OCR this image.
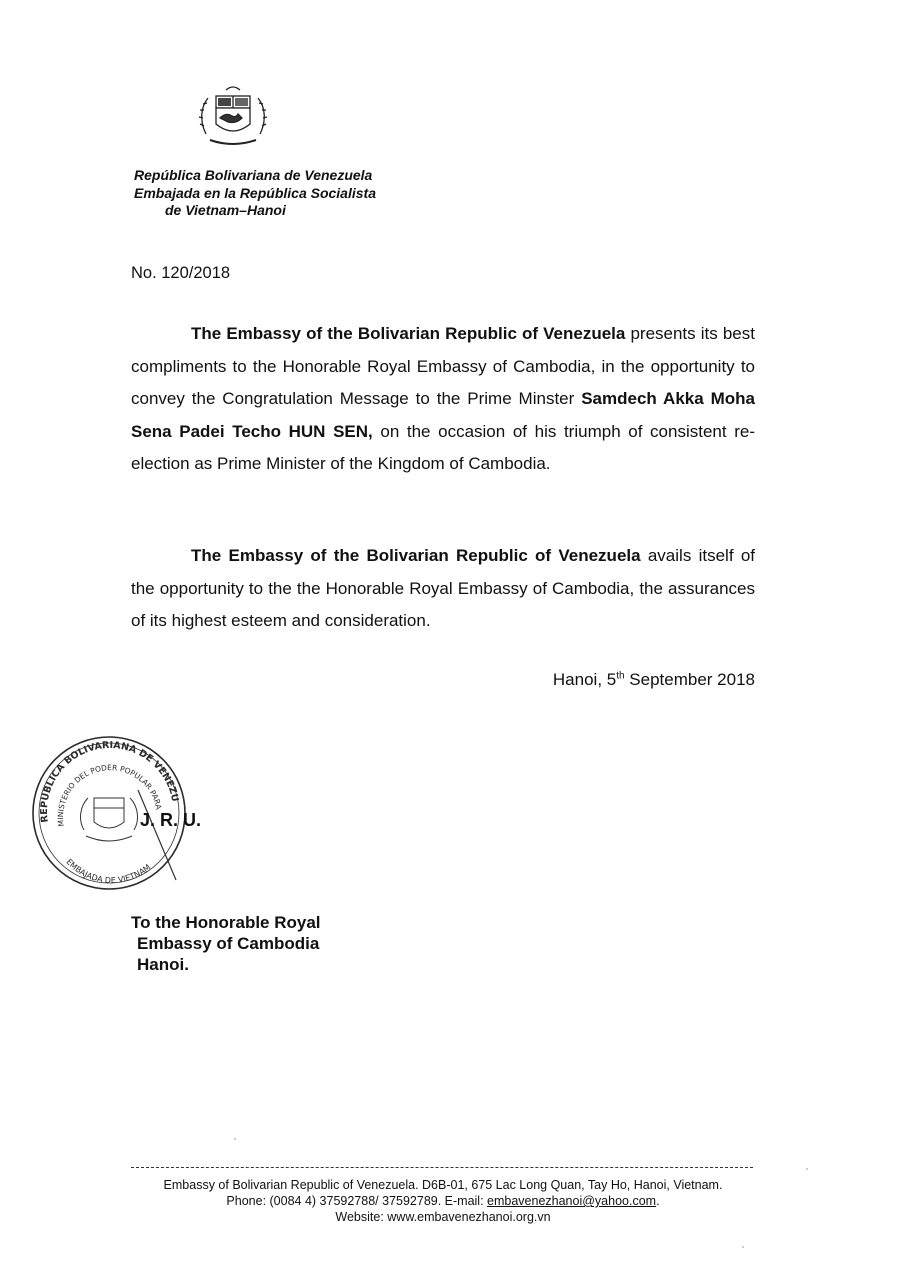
República Bolivariana de Venezuela
Embajada en la República Socialista
de Vietnam–Hanoi
No. 120/2018
The Embassy of the Bolivarian Republic of Venezuela presents its best compliments to the Honorable Royal Embassy of Cambodia, in the opportunity to convey the Congratulation Message to the Prime Minster Samdech Akka Moha Sena Padei Techo HUN SEN, on the occasion of his triumph of consistent re-election as Prime Minister of the Kingdom of Cambodia.
The Embassy of the Bolivarian Republic of Venezuela avails itself of the opportunity to the the Honorable Royal Embassy of Cambodia, the assurances of its highest esteem and consideration.
Hanoi, 5th September 2018
REPUBLICA BOLIVARIANA DE VENEZU
MINISTERIO DEL PODER POPULAR PARA
EMBAJADA DE VIETNAM
J. R. U.
To the Honorable Royal
Embassy of Cambodia
Hanoi.
Embassy of Bolivarian Republic of Venezuela. D6B-01, 675 Lac Long Quan, Tay Ho, Hanoi, Vietnam.
Phone: (0084 4) 37592788/ 37592789. E-mail: embavenezhanoi@yahoo.com.
Website: www.embavenezhanoi.org.vn
